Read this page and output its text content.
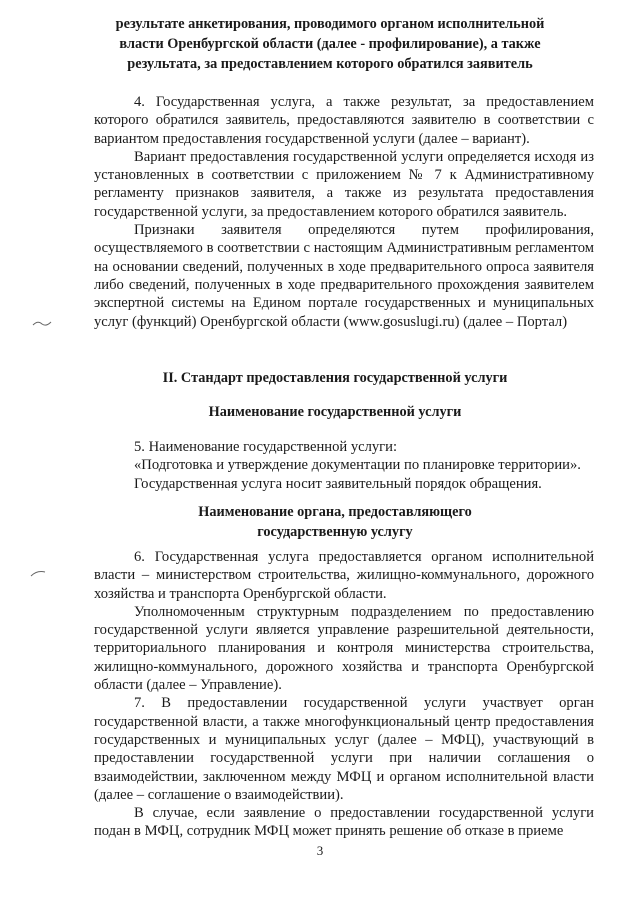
результате анкетирования, проводимого органом исполнительной власти Оренбургской области (далее - профилирование), а также результата, за предоставлением которого обратился заявитель

4. Государственная услуга, а также результат, за предоставлением которого обратился заявитель, предоставляются заявителю в соответствии с вариантом предоставления государственной услуги (далее – вариант).

Вариант предоставления государственной услуги определяется исходя из установленных в соответствии с приложением № 7 к Административному регламенту признаков заявителя, а также из результата предоставления государственной услуги, за предоставлением которого обратился заявитель.

Признаки заявителя определяются путем профилирования, осуществляемого в соответствии с настоящим Административным регламентом на основании сведений, полученных в ходе предварительного опроса заявителя либо сведений, полученных в ходе предварительного прохождения заявителем экспертной системы на Едином портале государственных и муниципальных услуг (функций) Оренбургской области (www.gosuslugi.ru) (далее – Портал)

II. Стандарт предоставления государственной услуги
Наименование государственной услуги

5. Наименование государственной услуги:

«Подготовка и утверждение документации по планировке территории».

Государственная услуга носит заявительный порядок обращения.

Наименование органа, предоставляющего государственную услугу

6. Государственная услуга предоставляется органом исполнительной власти – министерством строительства, жилищно-коммунального, дорожного хозяйства и транспорта Оренбургской области.

Уполномоченным структурным подразделением по предоставлению государственной услуги является управление разрешительной деятельности, территориального планирования и контроля министерства строительства, жилищно-коммунального, дорожного хозяйства и транспорта Оренбургской области (далее – Управление).

7. В предоставлении государственной услуги участвует орган государственной власти, а также многофункциональный центр предоставления государственных и муниципальных услуг (далее – МФЦ), участвующий в предоставлении государственной услуги при наличии соглашения о взаимодействии, заключенном между МФЦ и органом исполнительной власти (далее – соглашение о взаимодействии).

В случае, если заявление о предоставлении государственной услуги подан в МФЦ, сотрудник МФЦ может принять решение об отказе в приеме

3
